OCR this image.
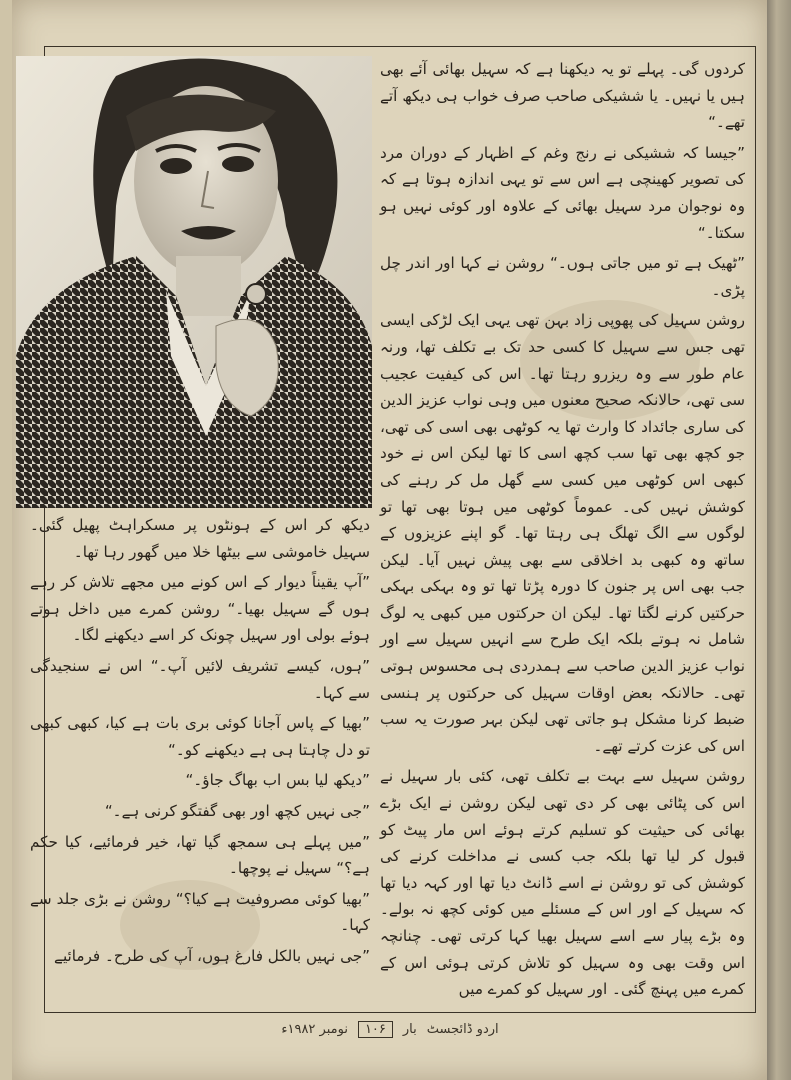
کردوں گی۔ پہلے تو یہ دیکھنا ہے کہ سہیل بھائی آئے بھی ہیں یا نہیں۔ یا ششیکی صاحب صرف خواب ہی دیکھ آتے تھے۔“

”جیسا کہ ششیکی نے رنج وغم کے اظہار کے دوران مرد کی تصویر کھینچی ہے اس سے تو یہی اندازہ ہوتا ہے کہ وہ نوجوان مرد سہیل بھائی کے علاوہ اور کوئی نہیں ہو سکتا۔“

”ٹھیک ہے تو میں جاتی ہوں۔“ روشن نے کہا اور اندر چل پڑی۔

روشن سہیل کی پھوپی زاد بہن تھی یہی ایک لڑکی ایسی تھی جس سے سہیل کا کسی حد تک بے تکلف تھا، ورنہ عام طور سے وہ ریزرو رہتا تھا۔ اس کی کیفیت عجیب سی تھی، حالانکہ صحیح معنوں میں وہی نواب عزیز الدین کی ساری جائداد کا وارث تھا یہ کوٹھی بھی اسی کی تھی، جو کچھ بھی تھا سب کچھ اسی کا تھا لیکن اس نے خود کبھی اس کوٹھی میں کسی سے گھل مل کر رہنے کی کوشش نہیں کی۔ عموماً کوٹھی میں ہوتا بھی تھا تو لوگوں سے الگ تھلگ ہی رہتا تھا۔ گو اپنے عزیزوں کے ساتھ وہ کبھی بد اخلاقی سے بھی پیش نہیں آیا۔ لیکن جب بھی اس پر جنون کا دورہ پڑتا تھا تو وہ بہکی بہکی حرکتیں کرنے لگتا تھا۔ لیکن ان حرکتوں میں کبھی یہ لوگ شامل نہ ہوتے بلکہ ایک طرح سے انہیں سہیل سے اور نواب عزیز الدین صاحب سے ہمدردی ہی محسوس ہوتی تھی۔ حالانکہ بعض اوقات سہیل کی حرکتوں پر ہنسی ضبط کرنا مشکل ہو جاتی تھی لیکن بہر صورت یہ سب اس کی عزت کرتے تھے۔

روشن سہیل سے بہت بے تکلف تھی، کئی بار سہیل نے اس کی پٹائی بھی کر دی تھی لیکن روشن نے ایک بڑے بھائی کی حیثیت کو تسلیم کرتے ہوئے اس مار پیٹ کو قبول کر لیا تھا بلکہ جب کسی نے مداخلت کرنے کی کوشش کی تو روشن نے اسے ڈانٹ دیا تھا اور کہہ دیا تھا کہ سہیل کے اور اس کے مسئلے میں کوئی کچھ نہ بولے۔ وہ بڑے پیار سے اسے سہیل بھیا کہا کرتی تھی۔ چنانچہ اس وقت بھی وہ سہیل کو تلاش کرتی ہوئی اس کے کمرے میں پہنچ گئی۔ اور سہیل کو کمرے میں

دیکھ کر اس کے ہونٹوں پر مسکراہٹ پھیل گئی۔ سہیل خاموشی سے بیٹھا خلا میں گھور رہا تھا۔

”آپ یقیناً دیوار کے اس کونے میں مجھے تلاش کر رہے ہوں گے سہیل بھیا۔“ روشن کمرے میں داخل ہوتے ہوئے بولی اور سہیل چونک کر اسے دیکھنے لگا۔

”ہوں، کیسے تشریف لائیں آپ۔“ اس نے سنجیدگی سے کہا۔

”بھیا کے پاس آجانا کوئی بری بات ہے کیا، کبھی کبھی تو دل چاہتا ہی ہے دیکھنے کو۔“

”دیکھ لیا بس اب بھاگ جاؤ۔“

”جی نہیں کچھ اور بھی گفتگو کرنی ہے۔“

”میں پہلے ہی سمجھ گیا تھا، خیر فرمائیے، کیا حکم ہے؟“ سہیل نے پوچھا۔

”بھیا کوئی مصروفیت ہے کیا؟“ روشن نے بڑی جلد سے کہا۔

”جی نہیں بالکل فارغ ہوں، آپ کی طرح۔ فرمائیے

اردو ڈائجسٹ
بار
۱۰۶
نومبر ۱۹۸۲ء
